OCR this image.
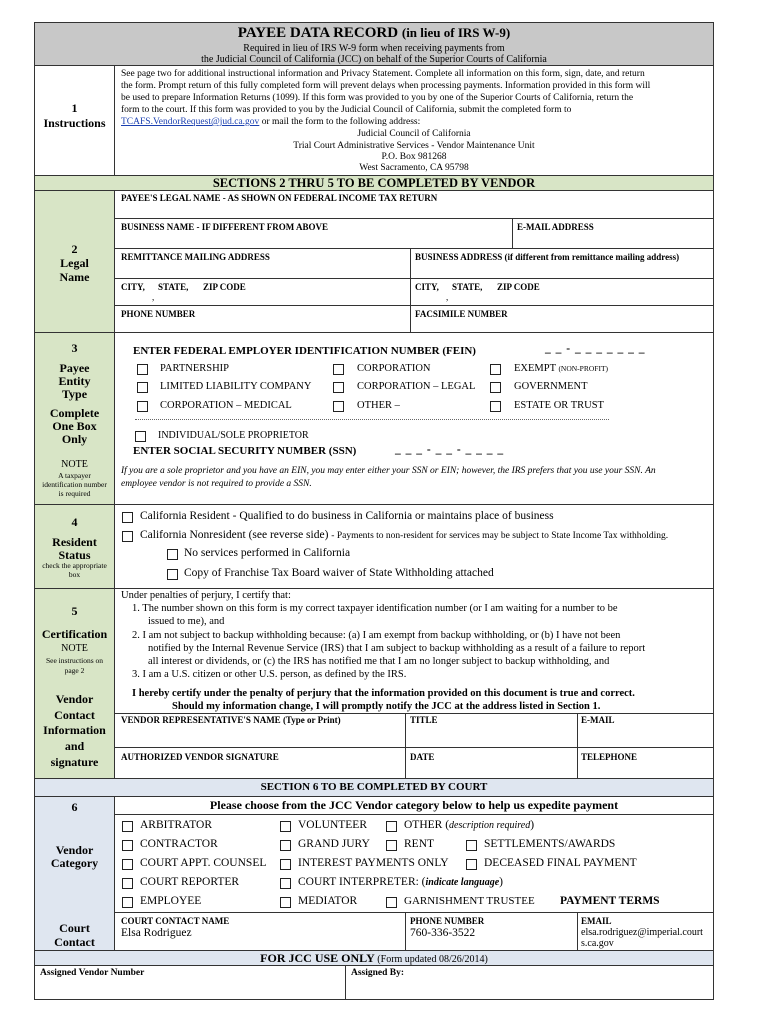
PAYEE DATA RECORD (in lieu of IRS W-9)
Required in lieu of IRS W-9 form when receiving payments from
the Judicial Council of California (JCC) on behalf of the Superior Courts of California
1
Instructions
See page two for additional instructional information and Privacy Statement. Complete all information on this form, sign, date, and return
the form. Prompt return of this fully completed form will prevent delays when processing payments. Information provided in this form will
be used to prepare Information Returns (1099). If this form was provided to you by one of the Superior Courts of California, return the
form to the court. If this form was provided to you by the Judicial Council of California, submit the completed form to
TCAFS.VendorRequest@jud.ca.gov or mail the form to the following address:
Judicial Council of California
Trial Court Administrative Services - Vendor Maintenance Unit
P.O. Box 981268
West Sacramento, CA 95798
SECTIONS 2 THRU 5 TO BE COMPLETED BY VENDOR
2
Legal
Name
PAYEE'S LEGAL NAME - AS SHOWN ON FEDERAL INCOME TAX RETURN
BUSINESS NAME - IF DIFFERENT FROM ABOVE	E-MAIL ADDRESS
REMITTANCE MAILING ADDRESS	BUSINESS ADDRESS (if different from remittance mailing address)
CITY, STATE, ZIP CODE
,
CITY, STATE, ZIP CODE
,
PHONE NUMBER	FACSIMILE NUMBER
3
Payee
Entity
Type
Complete
One Box
Only
NOTE
A taxpayer
identification number
is required
ENTER FEDERAL EMPLOYER IDENTIFICATION NUMBER (FEIN)	_ _ - _ _ _ _ _ _ _
PARTNERSHIP	CORPORATION	EXEMPT (NON-PROFIT)
LIMITED LIABILITY COMPANY	CORPORATION – LEGAL	GOVERNMENT
CORPORATION – MEDICAL	OTHER –	ESTATE OR TRUST
INDIVIDUAL/SOLE PROPRIETOR
ENTER SOCIAL SECURITY NUMBER (SSN)	_ _ _ - _ _ - _ _ _ _
If you are a sole proprietor and you have an EIN, you may enter either your SSN or EIN; however, the IRS prefers that you use your SSN. An
employee vendor is not required to provide a SSN.
4
Resident
Status
check the appropriate
box
California Resident - Qualified to do business in California or maintains place of business
California Nonresident (see reverse side) - Payments to non-resident for services may be subject to State Income Tax withholding.
No services performed in California
Copy of Franchise Tax Board waiver of State Withholding attached
5
Certification
NOTE
See instructions on
page 2
Vendor
Contact
Information
and
signature
Under penalties of perjury, I certify that:
1. The number shown on this form is my correct taxpayer identification number (or I am waiting for a number to be
issued to me), and
2. I am not subject to backup withholding because: (a) I am exempt from backup withholding, or (b) I have not been
notified by the Internal Revenue Service (IRS) that I am subject to backup withholding as a result of a failure to report
all interest or dividends, or (c) the IRS has notified me that I am no longer subject to backup withholding, and
3. I am a U.S. citizen or other U.S. person, as defined by the IRS.
I hereby certify under the penalty of perjury that the information provided on this document is true and correct.
Should my information change, I will promptly notify the JCC at the address listed in Section 1.
VENDOR REPRESENTATIVE'S NAME (Type or Print)	TITLE	E-MAIL
AUTHORIZED VENDOR SIGNATURE	DATE	TELEPHONE
SECTION 6 TO BE COMPLETED BY COURT
6	Please choose from the JCC Vendor category below to help us expedite payment
Vendor
Category
ARBITRATOR	VOLUNTEER	OTHER (description required)
CONTRACTOR	GRAND JURY	RENT	SETTLEMENTS/AWARDS
COURT APPT. COUNSEL	INTEREST PAYMENTS ONLY	DECEASED FINAL PAYMENT
COURT REPORTER	COURT INTERPRETER: (indicate language)
EMPLOYEE	MEDIATOR	GARNISHMENT TRUSTEE PAYMENT TERMS
Court
Contact
COURT CONTACT NAME
Elsa Rodriguez
PHONE NUMBER
760-336-3522
EMAIL
elsa.rodriguez@imperial.court
s.ca.gov
FOR JCC USE ONLY (Form updated 08/26/2014)
Assigned Vendor Number	Assigned By:
